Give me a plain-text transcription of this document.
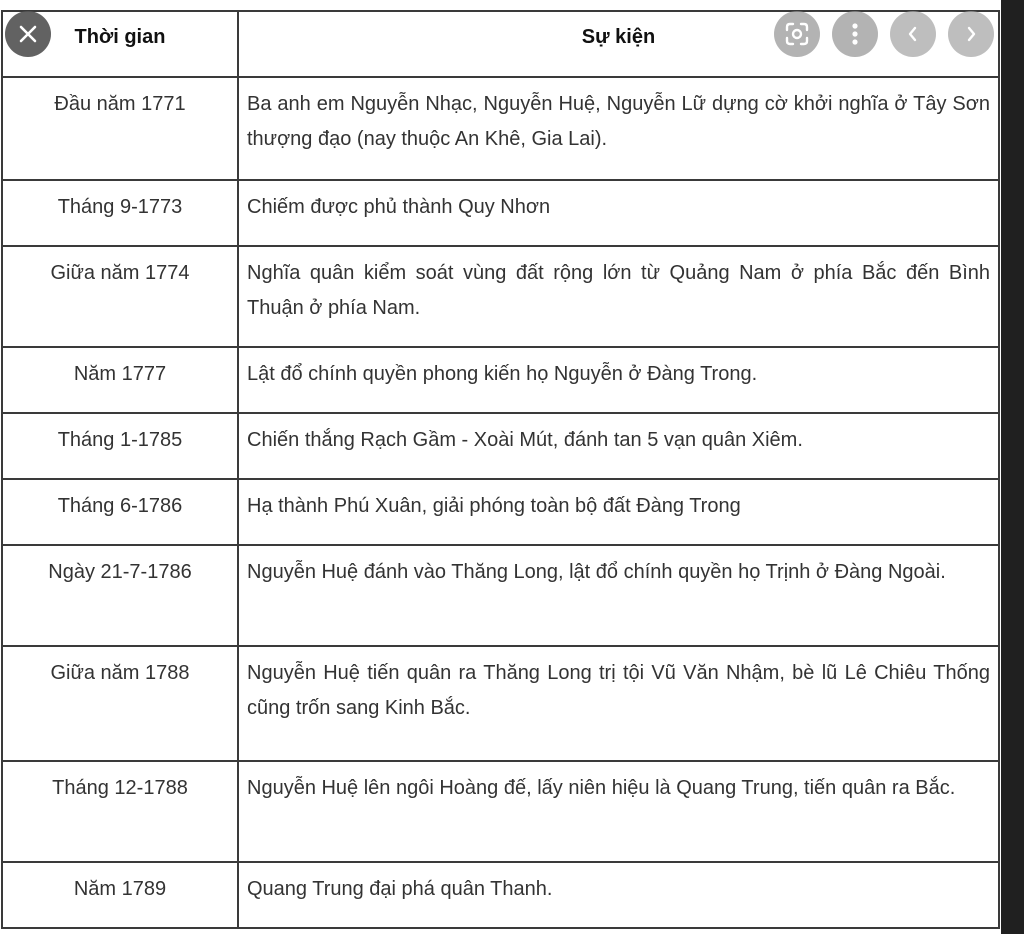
Thời gian	Sự kiện
Đầu năm 1771	Ba anh em Nguyễn Nhạc, Nguyễn Huệ, Nguyễn Lữ dựng cờ khởi nghĩa ở Tây Sơn thượng đạo (nay thuộc An Khê, Gia Lai).
Tháng 9-1773	Chiếm được phủ thành Quy Nhơn
Giữa năm 1774	Nghĩa quân kiểm soát vùng đất rộng lớn từ Quảng Nam ở phía Bắc đến Bình Thuận ở phía Nam.
Năm 1777	Lật đổ chính quyền phong kiến họ Nguyễn ở Đàng Trong.
Tháng 1-1785	Chiến thắng Rạch Gầm - Xoài Mút, đánh tan 5 vạn quân Xiêm.
Tháng 6-1786	Hạ thành Phú Xuân, giải phóng toàn bộ đất Đàng Trong
Ngày 21-7-1786	Nguyễn Huệ đánh vào Thăng Long, lật đổ chính quyền họ Trịnh ở Đàng Ngoài.
Giữa năm 1788	Nguyễn Huệ tiến quân ra Thăng Long trị tội Vũ Văn Nhậm, bè lũ Lê Chiêu Thống cũng trốn sang Kinh Bắc.
Tháng 12-1788	Nguyễn Huệ lên ngôi Hoàng đế, lấy niên hiệu là Quang Trung, tiến quân ra Bắc.
Năm 1789	Quang Trung đại phá quân Thanh.
